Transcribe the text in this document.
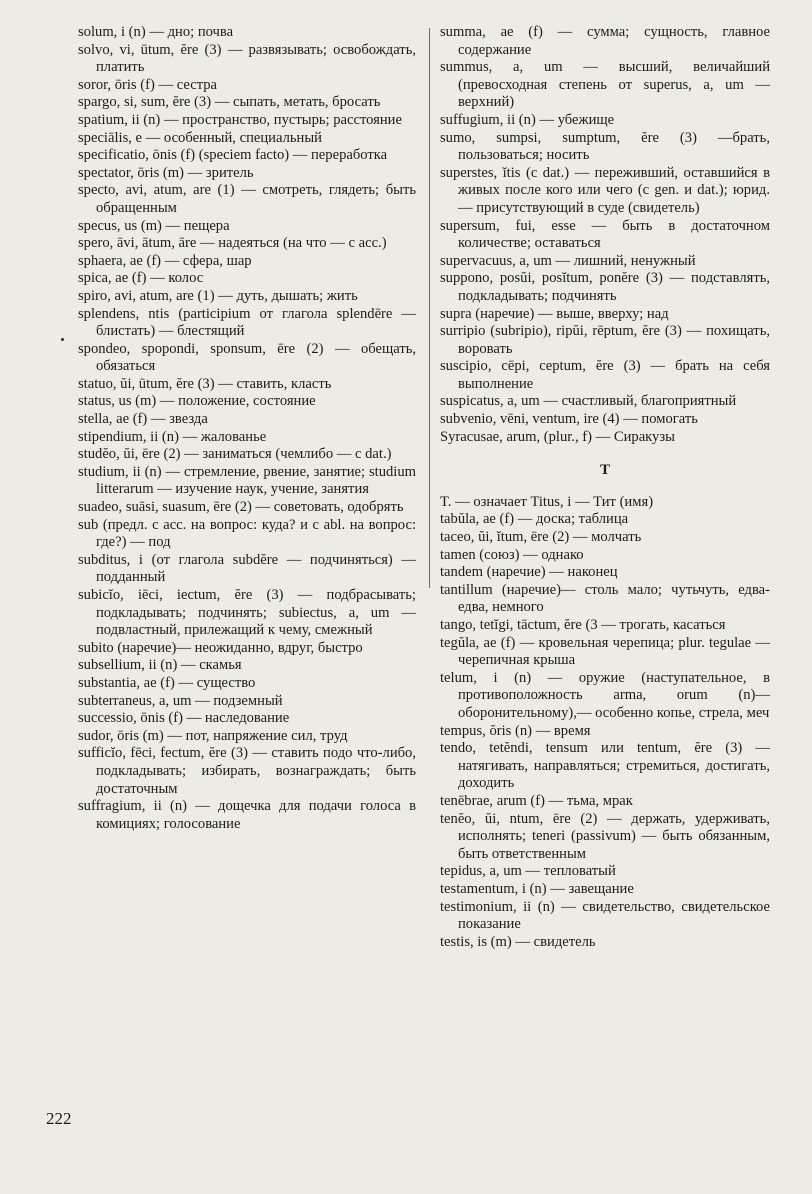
solum, i (n) — дно; почва

solvo, vi, ūtum, ĕre (3) — развязывать; освобождать, платить

soror, ōris (f) — сестра

spargo, si, sum, ĕre (3) — сыпать, метать, бросать

spatium, ii (n) — пространство, пустырь; расстояние

speciālis, e — особенный, специальный

specificatio, ōnis (f) (speciem facto) — переработка

spectator, ōris (m) — зритель

specto, avi, atum, are (1) — смотреть, глядеть; быть обращенным

specus, us (m) — пещера

spero, āvi, ātum, āre — надеяться (на что — с acc.)

sphaera, ae (f) — сфера, шар

spica, ae (f) — колос

spiro, avi, atum, are (1) — дуть, дышать; жить

splendens, ntis (participium от глагола splendēre — блистать) — блестящий

spondeo, spopondi, sponsum, ēre (2) — обещать, обязаться

statuo, ŭi, ūtum, ĕre (3) — ставить, класть

status, us (m) — положение, состояние

stella, ae (f) — звезда

stipendium, ii (n) — жалованье

studĕo, ŭi, ēre (2) — заниматься (чемлибо — с dat.)

studium, ii (n) — стремление, рвение, занятие; studium litterarum — изучение наук, учение, занятия

suadeo, suāsi, suasum, ēre (2) — советовать, одобрять

sub (предл. с acc. на вопрос: куда? и с abl. на вопрос: где?) — под

subditus, i (от глагола subdĕre — подчиняться) — подданный

subicĭo, iēci, iectum, ĕre (3) — подбрасывать; подкладывать; подчинять; subiectus, a, um — подвластный, прилежащий к чему, смежный

subito (наречие)— неожиданно, вдруг, быстро

subsellium, ii (n) — скамья

substantia, ae (f) — существо

subterraneus, a, um — подземный

successio, ōnis (f) — наследование

sudor, ōris (m) — пот, напряжение сил, труд

sufficĭo, fēci, fectum, ĕre (3) — ставить подо что-либо, подкладывать; избирать, вознаграждать; быть достаточным

suffragium, ii (n) — дощечка для подачи голоса в комициях; голосование

summa, ae (f) — сумма; сущность, главное содержание

summus, a, um — высший, величайший (превосходная степень от superus, a, um — верхний)

suffugium, ii (n) — убежище

sumo, sumpsi, sumptum, ĕre (3) —брать, пользоваться; носить

superstes, ĭtis (с dat.) — переживший, оставшийся в живых после кого или чего (с gen. и dat.); юрид.— присутствующий в суде (свидетель)

supersum, fui, esse — быть в достаточном количестве; оставаться

supervacuus, a, um — лишний, ненужный

suppono, posŭi, posĭtum, ponĕre (3) — подставлять, подкладывать; подчинять

supra (наречие) — выше, вверху; над

surripio (subripio), ripŭi, rēptum, ĕre (3) — похищать, воровать

suscipio, cēpi, ceptum, ĕre (3) — брать на себя выполнение

suspicatus, a, um — счастливый, благоприятный

subvenio, vēni, ventum, ire (4) — помогать

Syracusae, arum, (plur., f) — Сиракузы

T

T. — означает Titus, i — Тит (имя)

tabŭla, ae (f) — доска; таблица

taceo, ŭi, ĭtum, ēre (2) — молчать

tamen (союз) — однако

tandem (наречие) — наконец

tantillum (наречие)— столь мало; чутьчуть, едва-едва, немного

tango, tetĭgi, tāctum, ĕre (3 — трогать, касаться

tegŭla, ae (f) — кровельная черепица; plur. tegulae — черепичная крыша

telum, i (n) — оружие (наступательное, в противоположность arma, orum (n)—оборонительному),— особенно копье, стрела, меч

tempus, ŏris (n) — время

tendo, tetĕndi, tensum или tentum, ĕre (3) — натягивать, направляться; стремиться, достигать, доходить

tenēbrae, arum (f) — тьма, мрак

tenĕo, ŭi, ntum, ēre (2) — держать, удерживать, исполнять; teneri (passivum) — быть обязанным, быть ответственным

tepidus, a, um — тепловатый

testamentum, i (n) — завещание

testimonium, ii (n) — свидетельство, свидетельское показание

testis, is (m) — свидетель

222
